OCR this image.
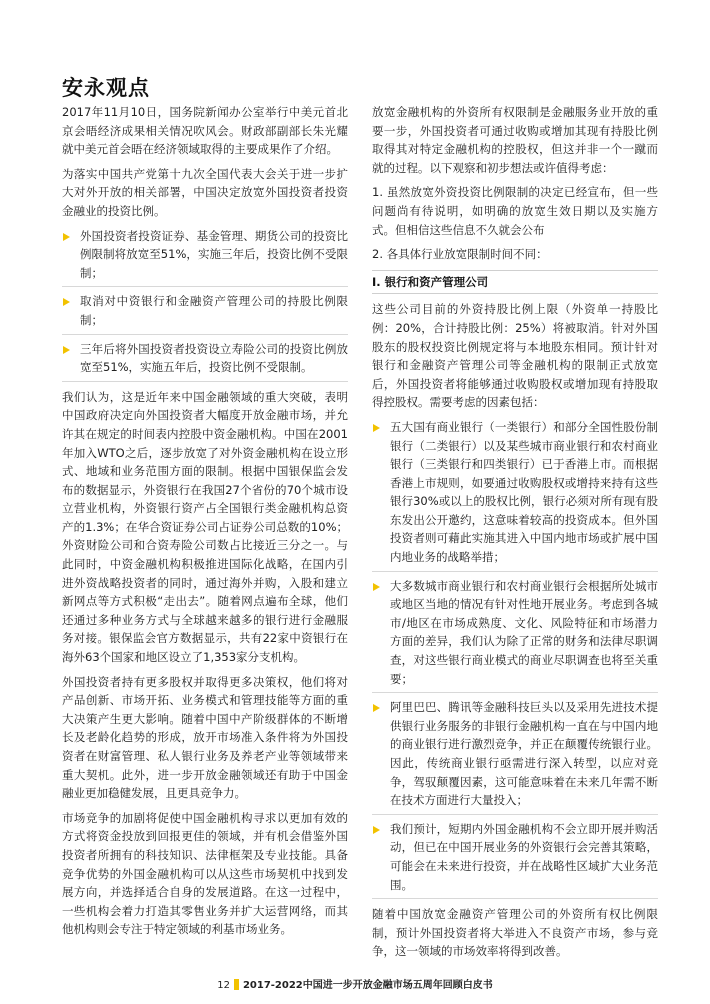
安永观点

2017年11月10日，国务院新闻办公室举行中美元首北京会晤经济成果相关情况吹风会。财政部副部长朱光耀就中美元首会晤在经济领域取得的主要成果作了介绍。

为落实中国共产党第十九次全国代表大会关于进一步扩大对外开放的相关部署，中国决定放宽外国投资者投资金融业的投资比例。

外国投资者投资证券、基金管理、期货公司的投资比例限制将放宽至51%，实施三年后，投资比例不受限制；
取消对中资银行和金融资产管理公司的持股比例限制；
三年后将外国投资者投资设立寿险公司的投资比例放宽至51%，实施五年后，投资比例不受限制。

我们认为，这是近年来中国金融领域的重大突破，表明中国政府决定向外国投资者大幅度开放金融市场，并允许其在规定的时间表内控股中资金融机构。中国在2001年加入WTO之后，逐步放宽了对外资金融机构在设立形式、地域和业务范围方面的限制。根据中国银保监会发布的数据显示，外资银行在我国27个省份的70个城市设立营业机构，外资银行资产占全国银行类金融机构总资产的1.3%；在华合资证券公司占证券公司总数的10%；外资财险公司和合资寿险公司数占比接近三分之一。与此同时，中资金融机构积极推进国际化战略，在国内引进外资战略投资者的同时，通过海外并购，入股和建立新网点等方式积极“走出去”。随着网点遍布全球，他们还通过多种业务方式与全球越来越多的银行进行金融服务对接。银保监会官方数据显示，共有22家中资银行在海外63个国家和地区设立了1,353家分支机构。

外国投资者持有更多股权并取得更多决策权，他们将对产品创新、市场开拓、业务模式和管理技能等方面的重大决策产生更大影响。随着中国中产阶级群体的不断增长及老龄化趋势的形成，放开市场准入条件将为外国投资者在财富管理、私人银行业务及养老产业等领域带来重大契机。此外，进一步开放金融领域还有助于中国金融业更加稳健发展，且更具竞争力。

市场竞争的加剧将促使中国金融机构寻求以更加有效的方式将资金投放到回报更佳的领域，并有机会借鉴外国投资者所拥有的科技知识、法律框架及专业技能。具备竞争优势的外国金融机构可以从这些市场契机中找到发展方向，并选择适合自身的发展道路。在这一过程中，一些机构会着力打造其零售业务并扩大运营网络，而其他机构则会专注于特定领域的利基市场业务。

放宽金融机构的外资所有权限制是金融服务业开放的重要一步，外国投资者可通过收购或增加其现有持股比例取得其对特定金融机构的控股权，但这并非一个一蹴而就的过程。以下观察和初步想法或许值得考虑：

1. 虽然放宽外资投资比例限制的决定已经宣布，但一些问题尚有待说明，如明确的放宽生效日期以及实施方式。但相信这些信息不久就会公布

2. 各具体行业放宽限制时间不同：

I. 银行和资产管理公司

这些公司目前的外资持股比例上限（外资单一持股比例：20%，合计持股比例：25%）将被取消。针对外国股东的股权投资比例规定将与本地股东相同。预计针对银行和金融资产管理公司等金融机构的限制正式放宽后，外国投资者将能够通过收购股权或增加现有持股取得控股权。需要考虑的因素包括：

五大国有商业银行（一类银行）和部分全国性股份制银行（二类银行）以及某些城市商业银行和农村商业银行（三类银行和四类银行）已于香港上市。而根据香港上市规则，如要通过收购股权或增持来持有这些银行30%或以上的股权比例，银行必须对所有现有股东发出公开邀约，这意味着较高的投资成本。但外国投资者则可藉此实施其进入中国内地市场或扩展中国内地业务的战略举措；
大多数城市商业银行和农村商业银行会根据所处城市或地区当地的情况有针对性地开展业务。考虑到各城市/地区在市场成熟度、文化、风险特征和市场潜力方面的差异，我们认为除了正常的财务和法律尽职调查，对这些银行商业模式的商业尽职调查也将至关重要；
阿里巴巴、腾讯等金融科技巨头以及采用先进技术提供银行业务服务的非银行金融机构一直在与中国内地的商业银行进行激烈竞争，并正在颠覆传统银行业。因此，传统商业银行亟需进行深入转型，以应对竞争，驾驭颠覆因素，这可能意味着在未来几年需不断在技术方面进行大量投入；
我们预计，短期内外国金融机构不会立即开展并购活动，但已在中国开展业务的外资银行会完善其策略，可能会在未来进行投资，并在战略性区域扩大业务范围。

随着中国放宽金融资产管理公司的外资所有权比例限制，预计外国投资者将大举进入不良资产市场，参与竞争，这一领域的市场效率将得到改善。

12 2017-2022中国进一步开放金融市场五周年回顾白皮书
